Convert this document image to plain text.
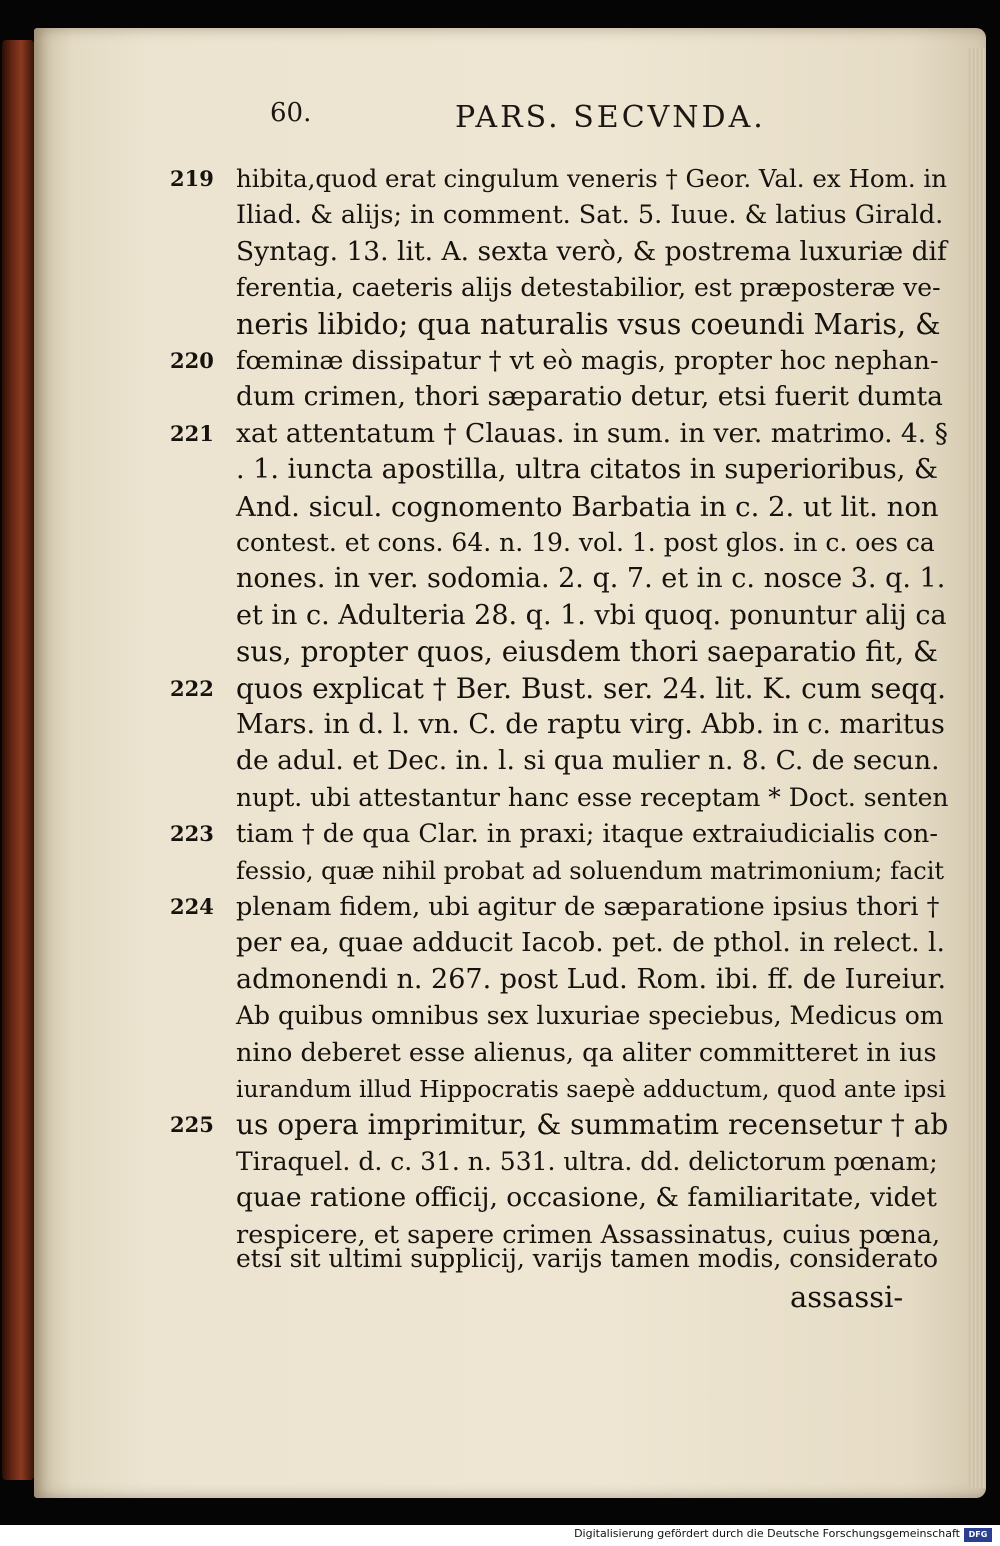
60.	PARS. SECVNDA.
219 hibita,quod erat cingulum veneris † Geor. Val. ex Hom. in
Iliad. & alijs; in comment. Sat. 5. Iuue. & latius Girald.
Syntag. 13. lit. A. sexta verò, & postrema luxuriæ dif
ferentia, caeteris alijs detestabilior, est præposteræ ve-
neris libido; qua naturalis vsus coeundi Maris, &
220 fœminæ dissipatur † vt eò magis, propter hoc nephan-
dum crimen, thori sæparatio detur, etsi fuerit dumta
221 xat attentatum † Clauas. in sum. in ver. matrimo. 4. §
. 1. iuncta apostilla, ultra citatos in superioribus, &
And. sicul. cognomento Barbatia in c. 2. ut lit. non
contest. et cons. 64. n. 19. vol. 1. post glos. in c. oes ca
nones. in ver. sodomia. 2. q. 7. et in c. nosce 3. q. 1.
et in c. Adulteria 28. q. 1. vbi quoq. ponuntur alij ca
sus, propter quos, eiusdem thori saeparatio fit, &
222 quos explicat † Ber. Bust. ser. 24. lit. K. cum seqq.
Mars. in d. l. vn. C. de raptu virg. Abb. in c. maritus
de adul. et Dec. in. l. si qua mulier n. 8. C. de secun.
nupt. ubi attestantur hanc esse receptam * Doct. senten
223 tiam † de qua Clar. in praxi; itaque extraiudicialis con-
fessio, quæ nihil probat ad soluendum matrimonium; facit
224 plenam fidem, ubi agitur de sæparatione ipsius thori †
per ea, quae adducit Iacob. pet. de pthol. in relect. l.
admonendi n. 267. post Lud. Rom. ibi. ff. de Iureiur.
Ab quibus omnibus sex luxuriae speciebus, Medicus om
nino deberet esse alienus, qa aliter committeret in ius
iurandum illud Hippocratis saepè adductum, quod ante ipsi
225 us opera imprimitur, & summatim recensetur † ab
Tiraquel. d. c. 31. n. 531. ultra. dd. delictorum pœnam;
quae ratione officij, occasione, & familiaritate, videt
respicere, et sapere crimen Assassinatus, cuius pœna,
etsi sit ultimi supplicij, varijs tamen modis, considerato
assassi-
Digitalisierung gefördert durch die Deutsche Forschungsgemeinschaft	DFG
